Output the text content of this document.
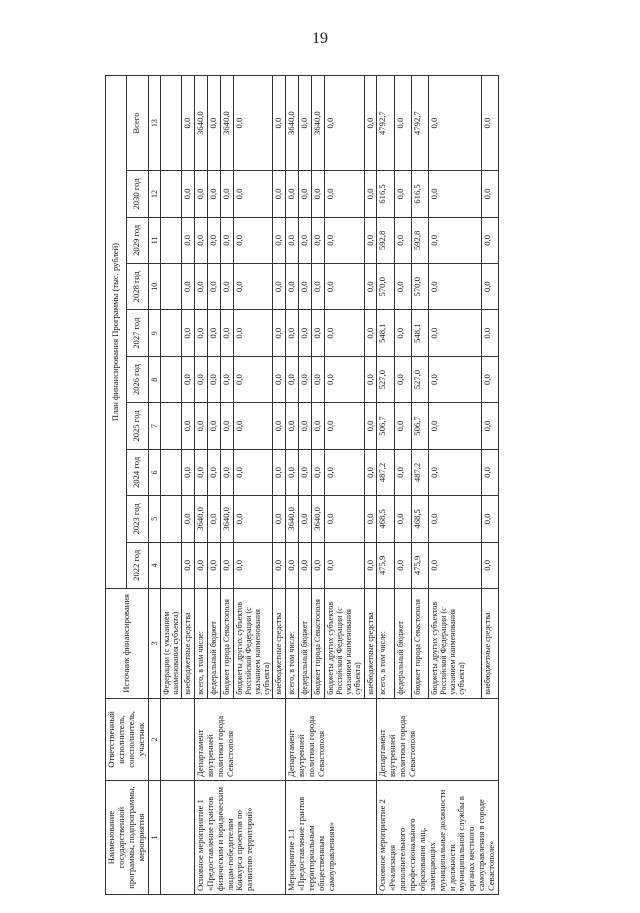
19
Наименование государственной программы, подпрограммы, мероприятия	Ответственный исполнитель, соисполнитель, участник	Источник финансирования	План финансирования Программы (тыс. рублей)									
			2022 год	2023 год	2024 год	2025 год	2026 год	2027 год	2028 год	2029 год	2030 год	Всего
1	2	3	4	5	6	7	8	9	10	11	12	13
		Федерации (с указанием наименования субъекта)										
		внебюджетные средства	0,0	0,0	0,0	0,0	0,0	0,0	0,0	0,0	0,0	0,0
Основное мероприятие 1 «Предоставление грантов физическим и юридическим лицам-победителям Конкурса проектов по развитию территорий»	Департамент внутренней политики города Севастополя	всего, в том числе:	0,0	3640,0	0,0	0,0	0,0	0,0	0,0	0,0	0,0	3640,0
		федеральный бюджет	0,0	0,0	0,0	0,0	0,0	0,0	0,0	0,0	0,0	0,0
		бюджет города Севастополя	0,0	3640,0	0,0	0,0	0,0	0,0	0,0	0,0	0,0	3640,0
		бюджеты других субъектов Российской Федерации (с указанием наименования субъекта)	0,0	0,0	0,0	0,0	0,0	0,0	0,0	0,0	0,0	0,0
		внебюджетные средства	0,0	0,0	0,0	0,0	0,0	0,0	0,0	0,0	0,0	0,0
Мероприятие 1.1 «Предоставление грантов территориальным общественным самоуправлениям»	Департамент внутренней политики города Севастополя	всего, в том числе:	0,0	3640,0	0,0	0,0	0,0	0,0	0,0	0,0	0,0	3640,0
		федеральный бюджет	0,0	0,0	0,0	0,0	0,0	0,0	0,0	0,0	0,0	0,0
		бюджет города Севастополя	0,0	3640,0	0,0	0,0	0,0	0,0	0,0	0,0	0,0	3640,0
		бюджеты других субъектов Российской Федерации (с указанием наименования субъекта)	0,0	0,0	0,0	0,0	0,0	0,0	0,0	0,0	0,0	0,0
		внебюджетные средства	0,0	0,0	0,0	0,0	0,0	0,0	0,0	0,0	0,0	0,0
Основное мероприятие 2 «Реализация дополнительного профессионального образования лиц, замещающих муниципальные должности и должности муниципальной службы в органах местного самоуправления в городе Севастополе»	Департамент внутренней политики города Севастополя	всего, в том числе:	475,9	468,5	487,2	506,7	527,0	548,1	570,0	592,8	616,5	4792,7
		федеральный бюджет	0,0	0,0	0,0	0,0	0,0	0,0	0,0	0,0	0,0	0,0
		бюджет города Севастополя	475,9	468,5	487,2	506,7	527,0	548,1	570,0	592,8	616,5	4792,7
		бюджеты других субъектов Российской Федерации (с указанием наименования субъекта)	0,0	0,0	0,0	0,0	0,0	0,0	0,0	0,0	0,0	0,0
		внебюджетные средства	0,0	0,0	0,0	0,0	0,0	0,0	0,0	0,0	0,0	0,0
